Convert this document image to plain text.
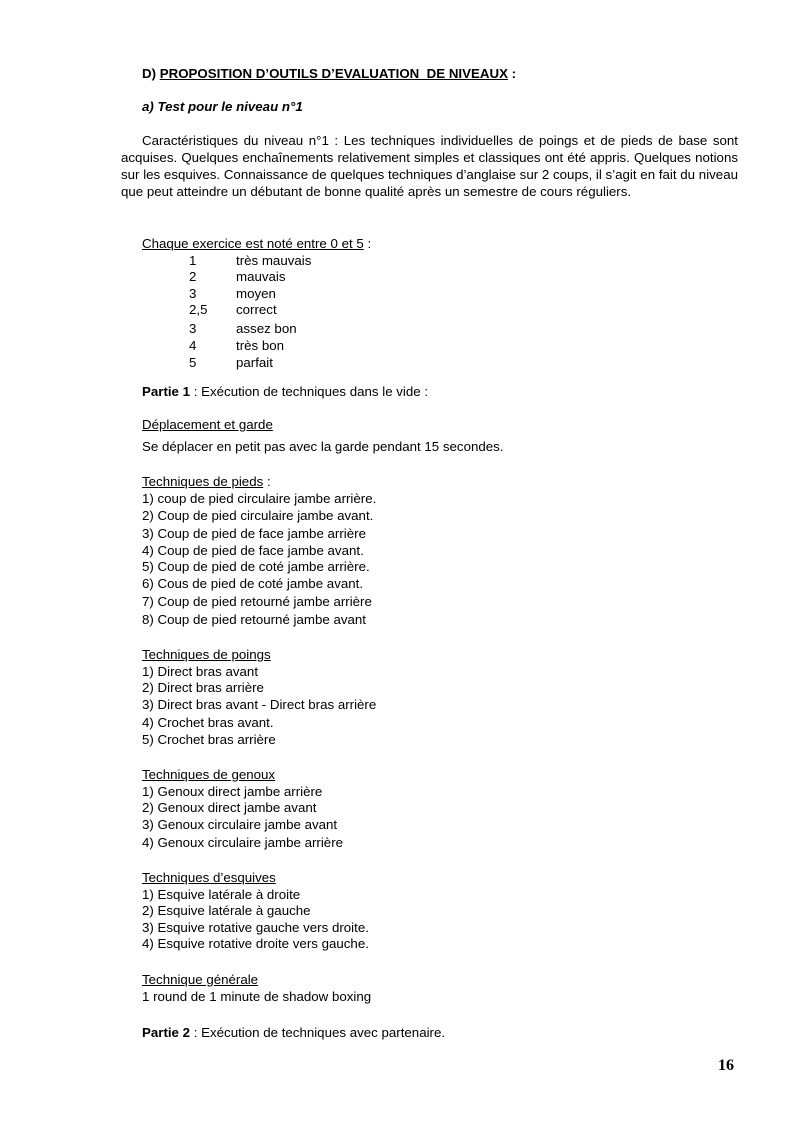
D) PROPOSITION D’OUTILS D’EVALUATION  DE NIVEAUX :
a) Test pour le niveau n°1
Caractéristiques du niveau n°1 : Les techniques individuelles de poings et de pieds de base sont acquises. Quelques enchaînements relativement simples et classiques ont été appris. Quelques notions sur les esquives. Connaissance de quelques techniques d’anglaise sur 2 coups, il s’agit en fait du niveau que peut atteindre un débutant de bonne qualité après un semestre de cours réguliers.
Chaque exercice est noté entre 0 et 5 :
1	très mauvais
2	mauvais
3	moyen
2,5 correct
3	assez bon
4	très bon
5	parfait
Partie 1 : Exécution de techniques dans le vide :
Déplacement et garde
Se déplacer en petit pas avec la garde pendant 15 secondes.
Techniques de pieds :
1) coup de pied circulaire jambe arrière.
2) Coup de pied circulaire jambe avant.
3) Coup de pied de face jambe arrière
4) Coup de pied de face jambe avant.
5) Coup de pied de coté jambe arrière.
6) Cous de pied de coté jambe avant.
7) Coup de pied retourné jambe arrière
8) Coup de pied retourné jambe avant
Techniques de poings
1) Direct bras avant
2) Direct bras arrière
3) Direct bras avant - Direct bras arrière
4) Crochet bras avant.
5) Crochet bras arrière
Techniques de genoux
1) Genoux direct jambe arrière
2) Genoux direct jambe avant
3) Genoux circulaire jambe avant
4) Genoux circulaire jambe arrière
Techniques d’esquives
1) Esquive latérale à droite
2) Esquive latérale à gauche
3) Esquive rotative gauche vers droite.
4) Esquive rotative droite vers gauche.
Technique générale
1 round de 1 minute de shadow boxing
Partie 2 : Exécution de techniques avec partenaire.
16
